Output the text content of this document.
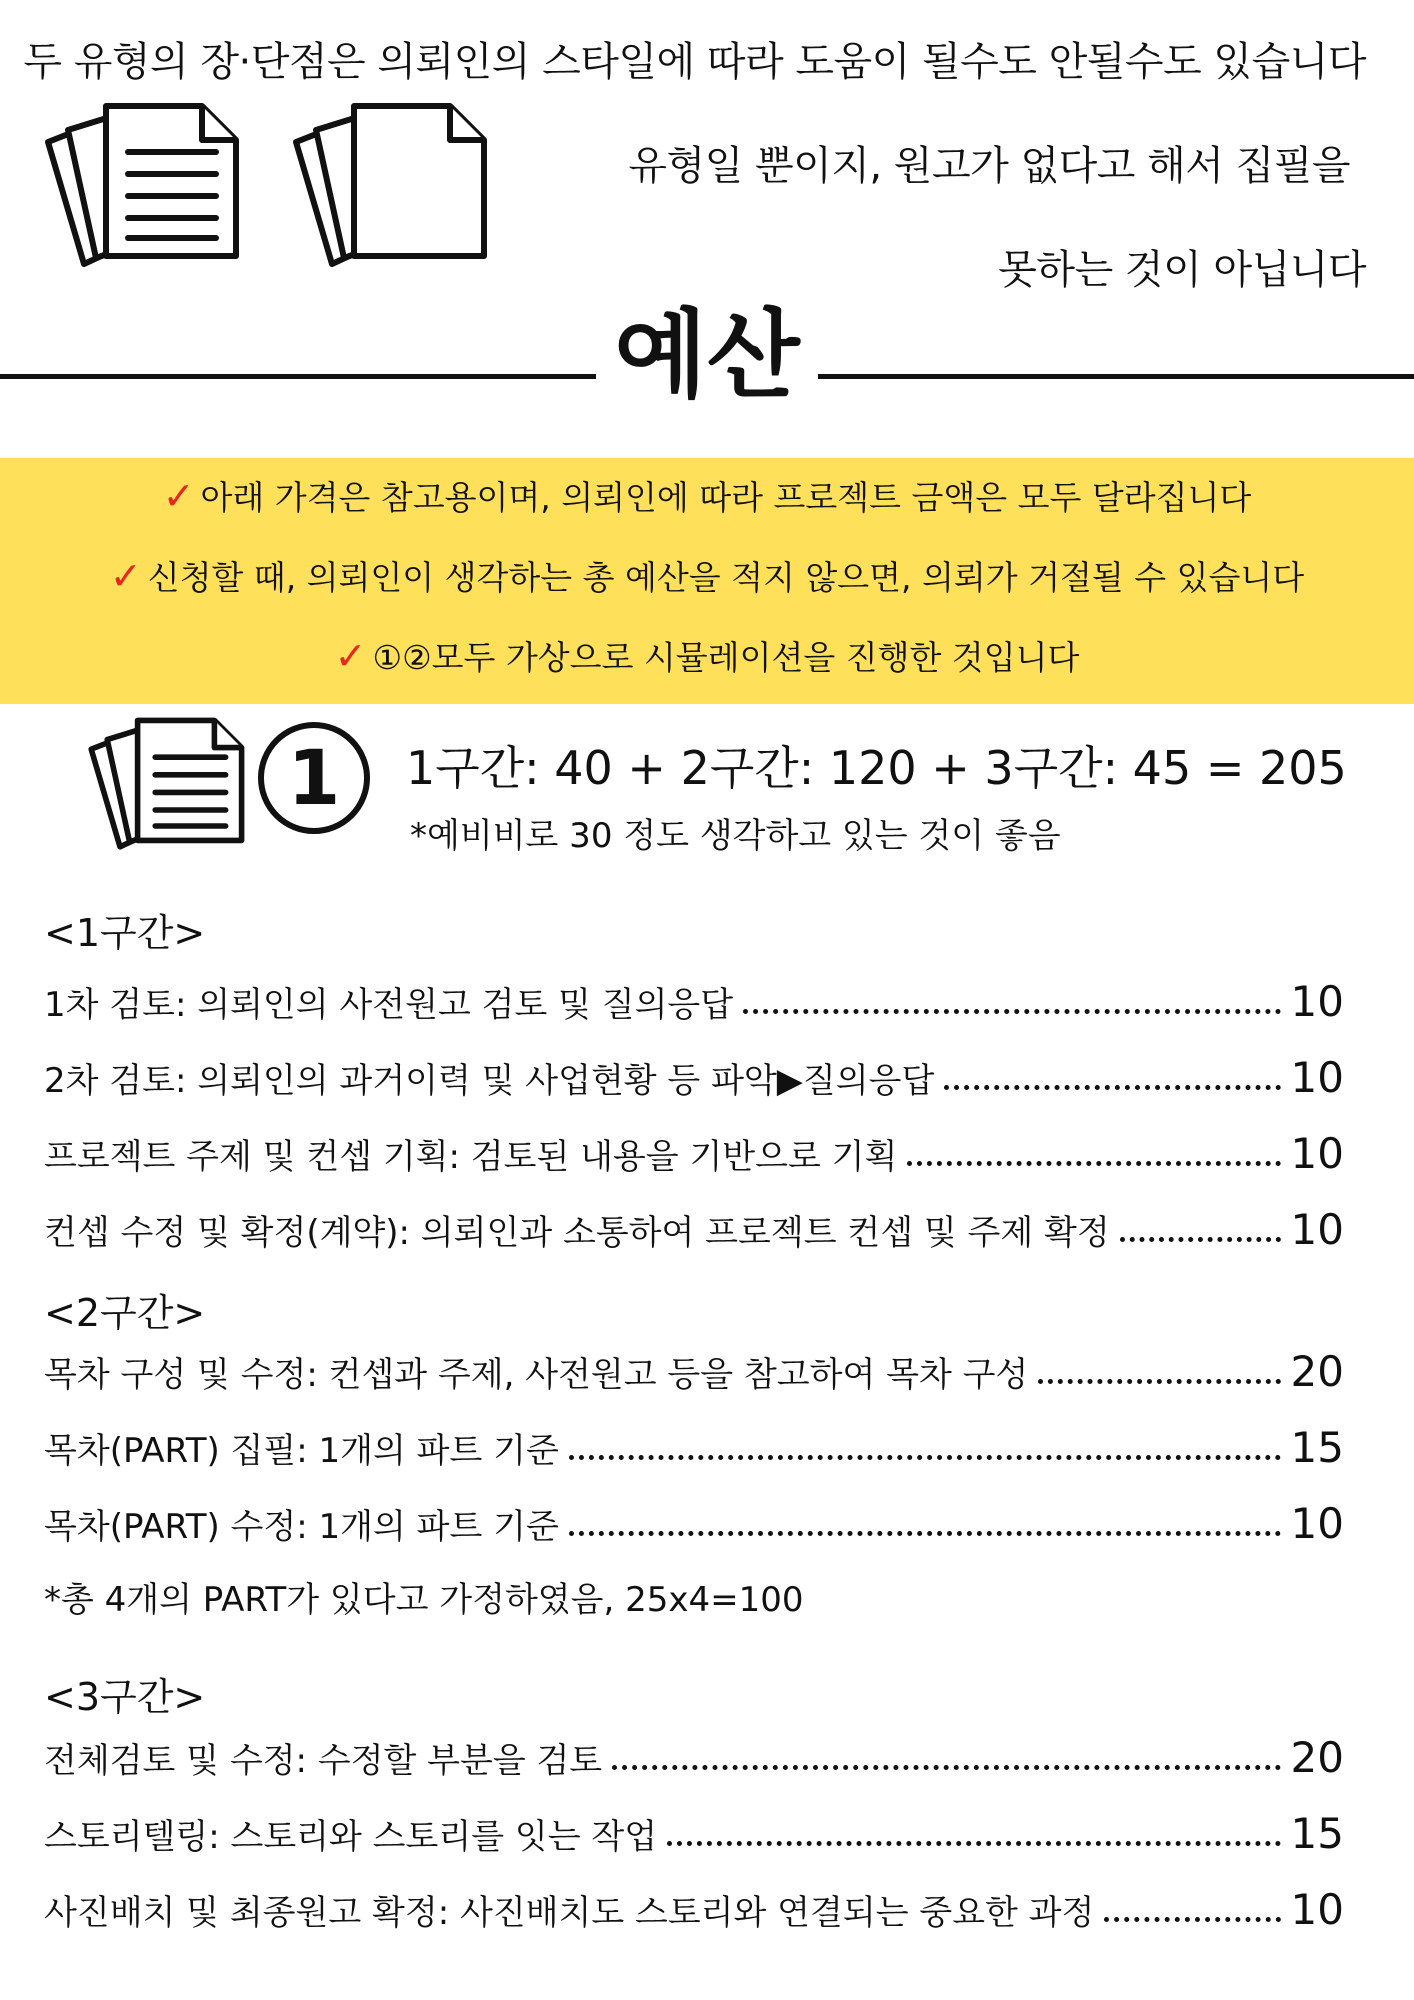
두 유형의 장·단점은 의뢰인의 스타일에 따라 도움이 될수도 안될수도 있습니다
유형일 뿐이지, 원고가 없다고 해서 집필을
못하는 것이 아닙니다
예산
✓ 아래 가격은 참고용이며, 의뢰인에 따라 프로젝트 금액은 모두 달라집니다
✓ 신청할 때, 의뢰인이 생각하는 총 예산을 적지 않으면, 의뢰가 거절될 수 있습니다
✓ ①②모두 가상으로 시뮬레이션을 진행한 것입니다
1	1구간: 40 + 2구간: 120 + 3구간: 45 = 205
*예비비로 30 정도 생각하고 있는 것이 좋음
<1구간>
1차 검토: 의뢰인의 사전원고 검토 및 질의응답	10
2차 검토: 의뢰인의 과거이력 및 사업현황 등 파악▶질의응답	10
프로젝트 주제 및 컨셉 기획: 검토된 내용을 기반으로 기획	10
컨셉 수정 및 확정(계약): 의뢰인과 소통하여 프로젝트 컨셉 및 주제 확정	10
<2구간>
목차 구성 및 수정: 컨셉과 주제, 사전원고 등을 참고하여 목차 구성	20
목차(PART) 집필: 1개의 파트 기준	15
목차(PART) 수정: 1개의 파트 기준	10
*총 4개의 PART가 있다고 가정하였음, 25x4=100
<3구간>
전체검토 및 수정: 수정할 부분을 검토	20
스토리텔링: 스토리와 스토리를 잇는 작업	15
사진배치 및 최종원고 확정: 사진배치도 스토리와 연결되는 중요한 과정	10
